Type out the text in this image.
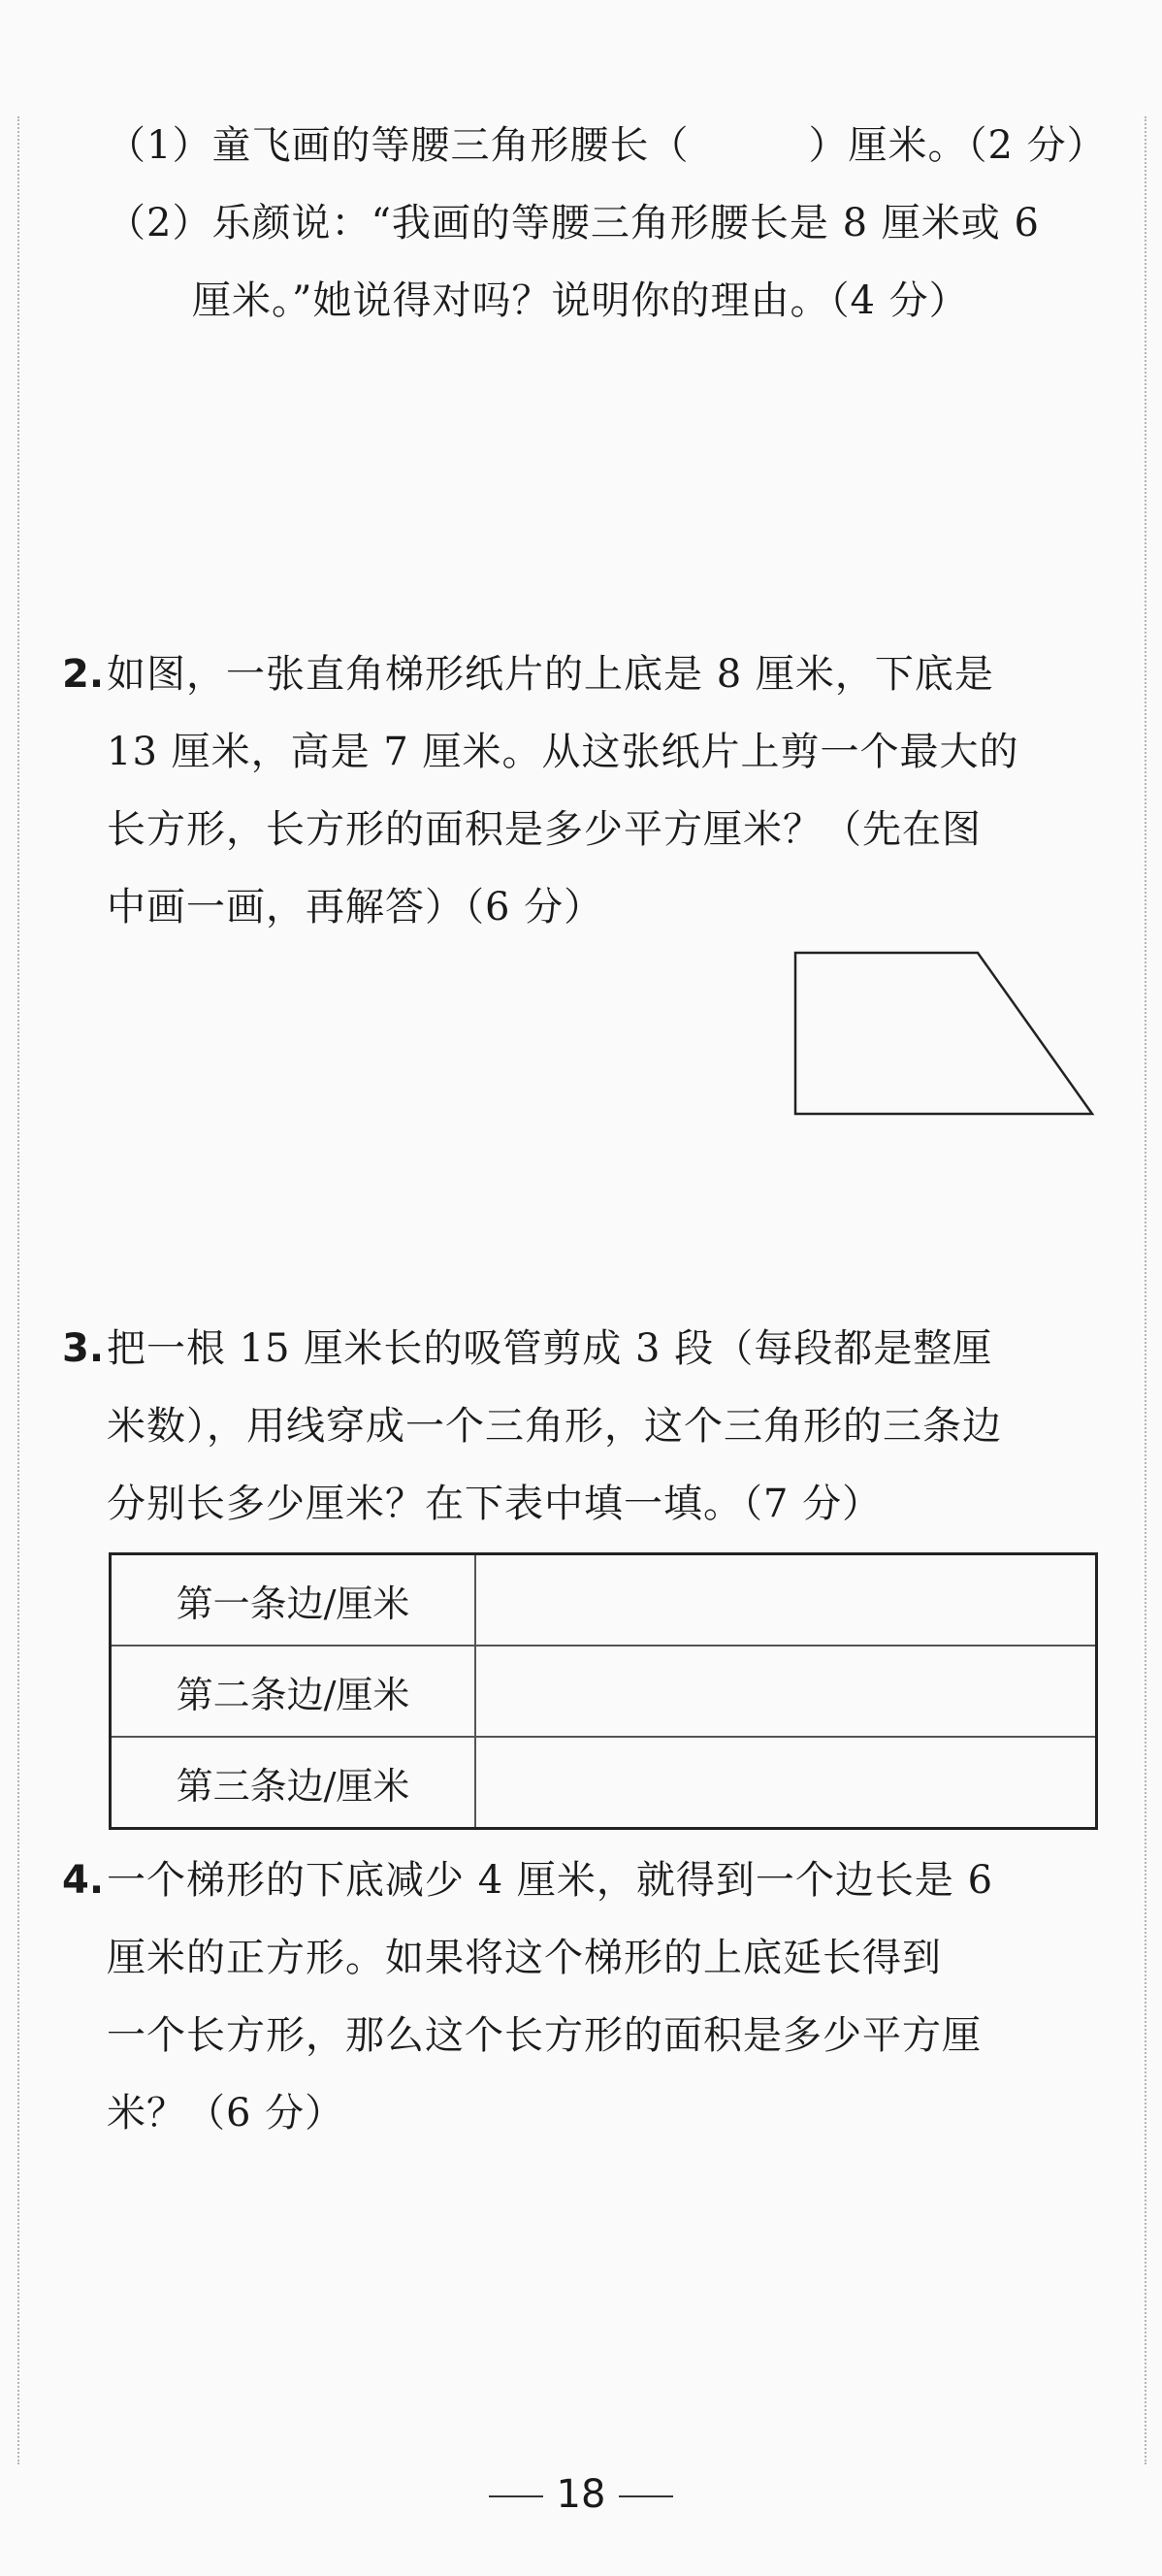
（1）童飞画的等腰三角形腰长（　　　）厘米。（2 分）
（2）乐颜说：“我画的等腰三角形腰长是 8 厘米或 6
厘米。”她说得对吗？说明你的理由。（4 分）
2. 如图，一张直角梯形纸片的上底是 8 厘米，下底是
13 厘米，高是 7 厘米。从这张纸片上剪一个最大的
长方形，长方形的面积是多少平方厘米？（先在图
中画一画，再解答）（6 分）
3. 把一根 15 厘米长的吸管剪成 3 段（每段都是整厘
米数），用线穿成一个三角形，这个三角形的三条边
分别长多少厘米？在下表中填一填。（7 分）
第一条边/厘米	
第二条边/厘米	
第三条边/厘米	
4. 一个梯形的下底减少 4 厘米，就得到一个边长是 6
厘米的正方形。如果将这个梯形的上底延长得到
一个长方形，那么这个长方形的面积是多少平方厘
米？（6 分）
18
